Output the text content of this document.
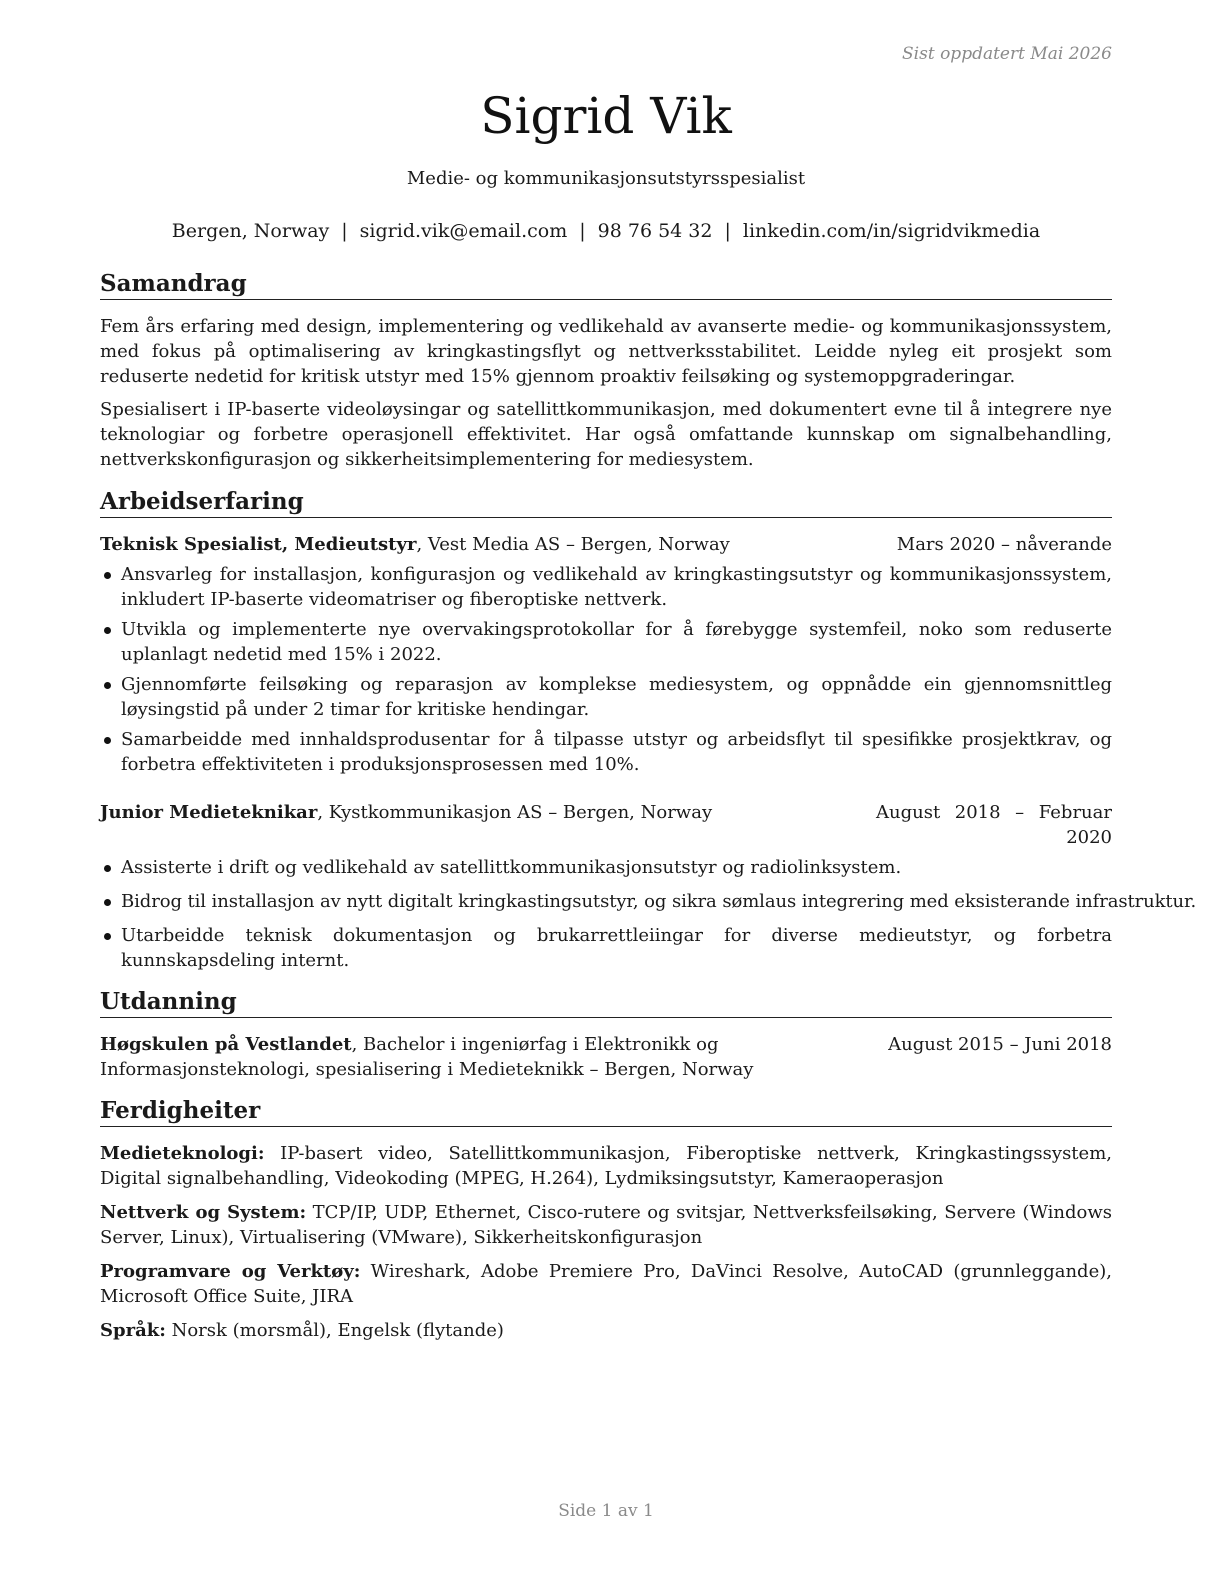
Sist oppdatert Mai 2026
Sigrid Vik
Medie- og kommunikasjonsutstyrsspesialist
Bergen, Norway | sigrid.vik@email.com | 98 76 54 32 | linkedin.com/in/sigridvikmedia
Samandrag

Fem års erfaring med design, implementering og vedlikehald av avanserte medie- og kommunikasjonssystem, med fokus på optimalisering av kringkastingsflyt og nettverksstabilitet. Leidde nyleg eit prosjekt som reduserte nedetid for kritisk utstyr med 15% gjennom proaktiv feilsøking og systemoppgraderingar.

Spesialisert i IP-baserte videoløysingar og satellittkommunikasjon, med dokumentert evne til å integrere nye teknologiar og forbetre operasjonell effektivitet. Har også omfattande kunnskap om signalbehandling, nettverkskonfigurasjon og sikkerheitsimplementering for mediesystem.

Arbeidserfaring
Teknisk Spesialist, Medieutstyr, Vest Media AS – Bergen, Norway	Mars 2020 – nåverande
Ansvarleg for installasjon, konfigurasjon og vedlikehald av kringkastingsutstyr og kommunikasjonssystem, inkludert IP-baserte videomatriser og fiberoptiske nettverk.
Utvikla og implementerte nye overvakingsprotokollar for å førebygge systemfeil, noko som reduserte uplanlagt nedetid med 15% i 2022.
Gjennomførte feilsøking og reparasjon av komplekse mediesystem, og oppnådde ein gjennomsnittleg løysingstid på under 2 timar for kritiske hendingar.
Samarbeidde med innhaldsprodusentar for å tilpasse utstyr og arbeidsflyt til spesifikke prosjektkrav, og forbetra effektiviteten i produksjonsprosessen med 10%.
Junior Medieteknikar, Kystkommunikasjon AS – Bergen, Norway	August 2018 – Februar 2020
Assisterte i drift og vedlikehald av satellittkommunikasjonsutstyr og radiolinksystem.
Bidrog til installasjon av nytt digitalt kringkastingsutstyr, og sikra sømlaus integrering med eksisterande infrastruktur.
Utarbeidde teknisk dokumentasjon og brukarrettleiingar for diverse medieutstyr, og forbetra kunnskapsdeling internt.
Utdanning
Høgskulen på Vestlandet, Bachelor i ingeniørfag i Elektronikk og Informasjonsteknologi, spesialisering i Medieteknikk – Bergen, Norway
August 2015 – Juni 2018
Ferdigheiter

Medieteknologi: IP-basert video, Satellittkommunikasjon, Fiberoptiske nettverk, Kringkastingssystem, Digital signalbehandling, Videokoding (MPEG, H.264), Lydmiksingsutstyr, Kameraoperasjon

Nettverk og System: TCP/IP, UDP, Ethernet, Cisco-rutere og svitsjar, Nettverksfeilsøking, Servere (Windows Server, Linux), Virtualisering (VMware), Sikkerheitskonfigurasjon

Programvare og Verktøy: Wireshark, Adobe Premiere Pro, DaVinci Resolve, AutoCAD (grunnleggande), Microsoft Office Suite, JIRA

Språk: Norsk (morsmål), Engelsk (flytande)

Side 1 av 1
